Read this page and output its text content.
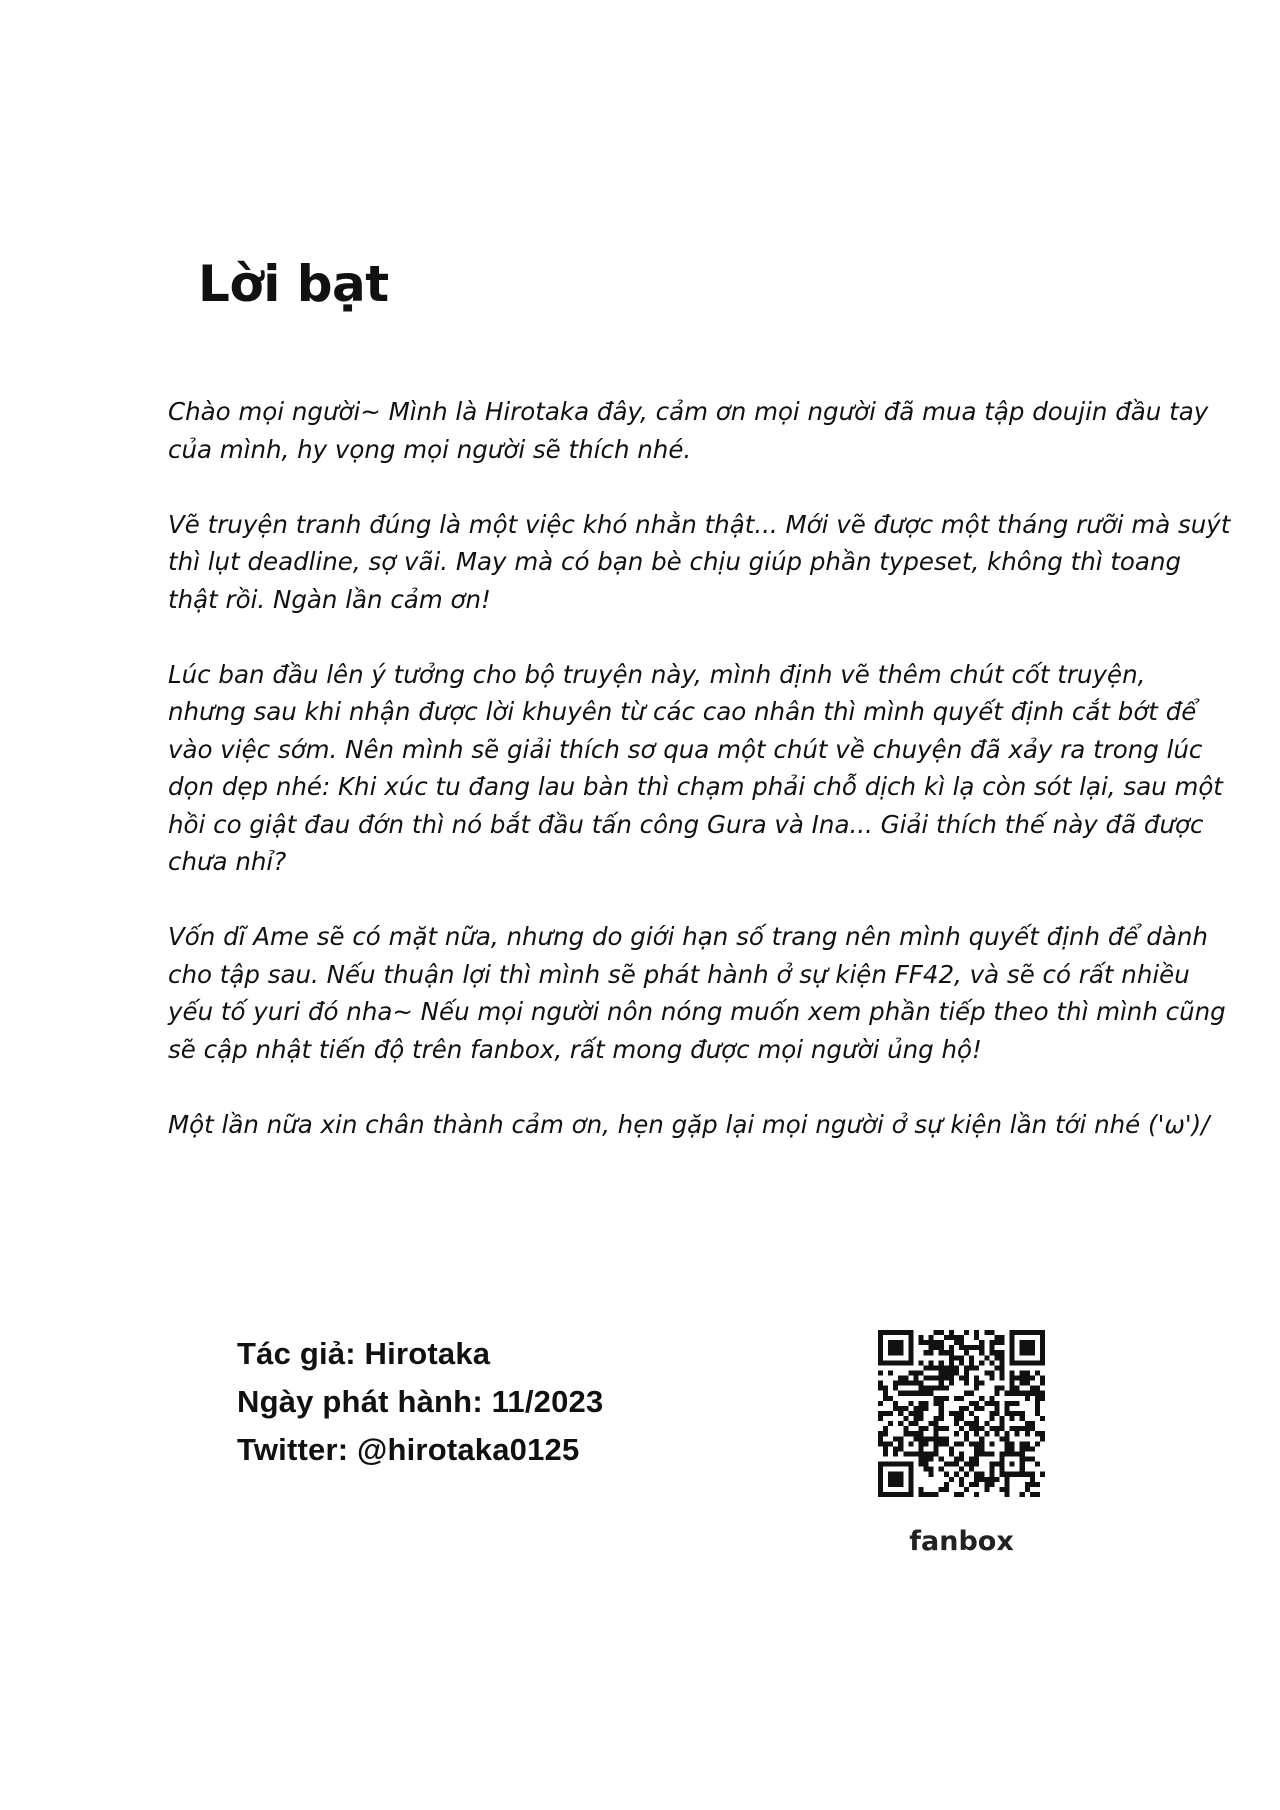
Lời bạt

Chào mọi người~ Mình là Hirotaka đây, cảm ơn mọi người đã mua tập doujin đầu tay
của mình, hy vọng mọi người sẽ thích nhé.

Vẽ truyện tranh đúng là một việc khó nhằn thật... Mới vẽ được một tháng rưỡi mà suýt
thì lụt deadline, sợ vãi. May mà có bạn bè chịu giúp phần typeset, không thì toang
thật rồi. Ngàn lần cảm ơn!

Lúc ban đầu lên ý tưởng cho bộ truyện này, mình định vẽ thêm chút cốt truyện,
nhưng sau khi nhận được lời khuyên từ các cao nhân thì mình quyết định cắt bớt để
vào việc sớm. Nên mình sẽ giải thích sơ qua một chút về chuyện đã xảy ra trong lúc
dọn dẹp nhé: Khi xúc tu đang lau bàn thì chạm phải chỗ dịch kì lạ còn sót lại, sau một
hồi co giật đau đớn thì nó bắt đầu tấn công Gura và Ina... Giải thích thế này đã được
chưa nhỉ?

Vốn dĩ Ame sẽ có mặt nữa, nhưng do giới hạn số trang nên mình quyết định để dành
cho tập sau. Nếu thuận lợi thì mình sẽ phát hành ở sự kiện FF42, và sẽ có rất nhiều
yếu tố yuri đó nha~ Nếu mọi người nôn nóng muốn xem phần tiếp theo thì mình cũng
sẽ cập nhật tiến độ trên fanbox, rất mong được mọi người ủng hộ!

Một lần nữa xin chân thành cảm ơn, hẹn gặp lại mọi người ở sự kiện lần tới nhé ('ω')/

Tác giả: Hirotaka
Ngày phát hành: 11/2023
Twitter: @hirotaka0125
fanbox
